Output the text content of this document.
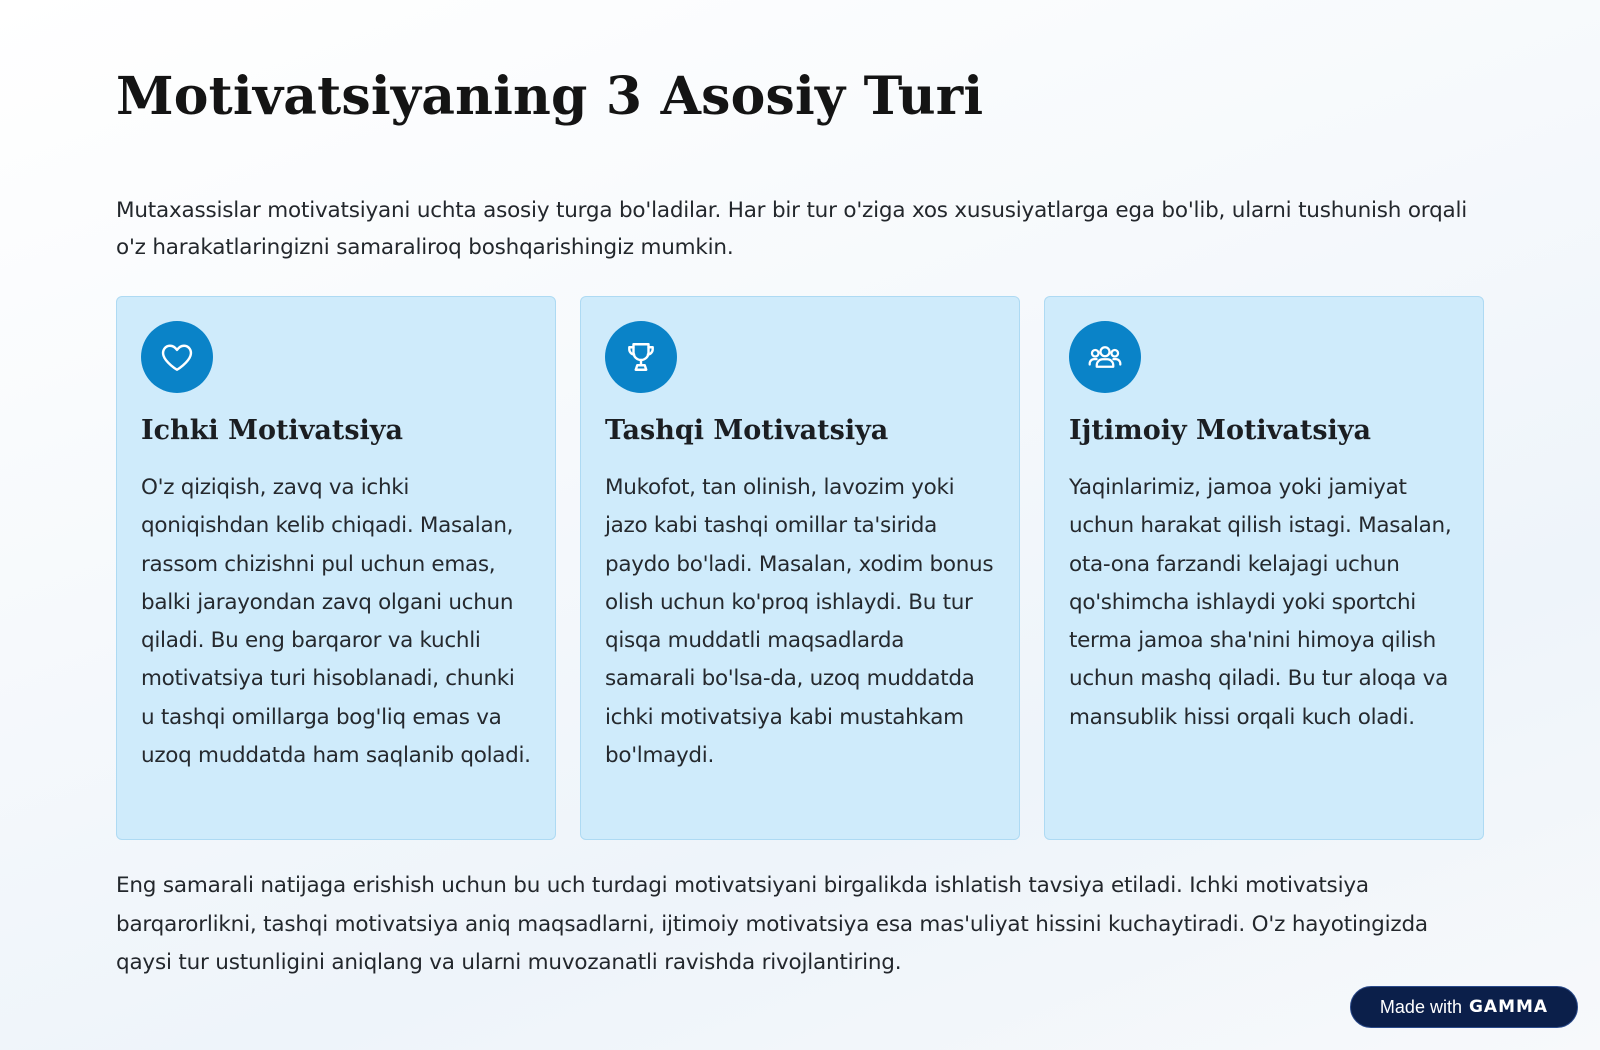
Motivatsiyaning 3 Asosiy Turi

Mutaxassislar motivatsiyani uchta asosiy turga bo'ladilar. Har bir tur o'ziga xos xususiyatlarga ega bo'lib, ularni tushunish orqali o'z harakatlaringizni samaraliroq boshqarishingiz mumkin.

Ichki Motivatsiya

O'z qiziqish, zavq va ichki qoniqishdan kelib chiqadi. Masalan, rassom chizishni pul uchun emas, balki jarayondan zavq olgani uchun qiladi. Bu eng barqaror va kuchli motivatsiya turi hisoblanadi, chunki u tashqi omillarga bog'liq emas va uzoq muddatda ham saqlanib qoladi.

Tashqi Motivatsiya

Mukofot, tan olinish, lavozim yoki jazo kabi tashqi omillar ta'sirida paydo bo'ladi. Masalan, xodim bonus olish uchun ko'proq ishlaydi. Bu tur qisqa muddatli maqsadlarda samarali bo'lsa-da, uzoq muddatda ichki motivatsiya kabi mustahkam bo'lmaydi.

Ijtimoiy Motivatsiya

Yaqinlarimiz, jamoa yoki jamiyat uchun harakat qilish istagi. Masalan, ota-ona farzandi kelajagi uchun qo'shimcha ishlaydi yoki sportchi terma jamoa sha'nini himoya qilish uchun mashq qiladi. Bu tur aloqa va mansublik hissi orqali kuch oladi.

Eng samarali natijaga erishish uchun bu uch turdagi motivatsiyani birgalikda ishlatish tavsiya etiladi. Ichki motivatsiya barqarorlikni, tashqi motivatsiya aniq maqsadlarni, ijtimoiy motivatsiya esa mas'uliyat hissini kuchaytiradi. O'z hayotingizda qaysi tur ustunligini aniqlang va ularni muvozanatli ravishda rivojlantiring.

Made with GAMMA
